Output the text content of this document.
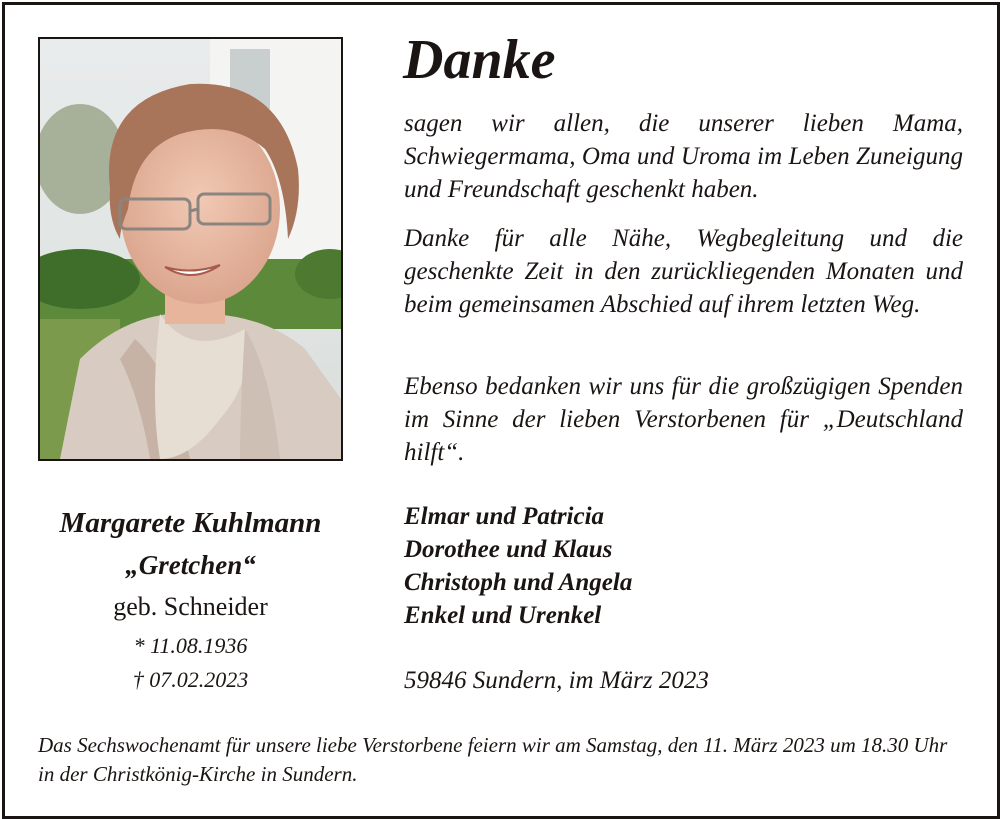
Danke

sagen wir allen, die unserer lieben Mama, Schwiegermama, Oma und Uroma im Leben Zuneigung und Freundschaft geschenkt haben.

Danke für alle Nähe, Wegbegleitung und die geschenkte Zeit in den zurückliegenden Monaten und beim gemeinsamen Abschied auf ihrem letzten Weg.

Ebenso bedanken wir uns für die großzügigen Spenden im Sinne der lieben Verstorbenen für „Deutschland hilft“.

Margarete Kuhlmann
„Gretchen“
geb. Schneider
* 11.08.1936
† 07.02.2023
Elmar und Patricia
Dorothee und Klaus
Christoph und Angela
Enkel und Urenkel
59846 Sundern, im März 2023

Das Sechswochenamt für unsere liebe Verstorbene feiern wir am Samstag, den 11. März 2023 um 18.30 Uhr in der Christkönig-Kirche in Sundern.
